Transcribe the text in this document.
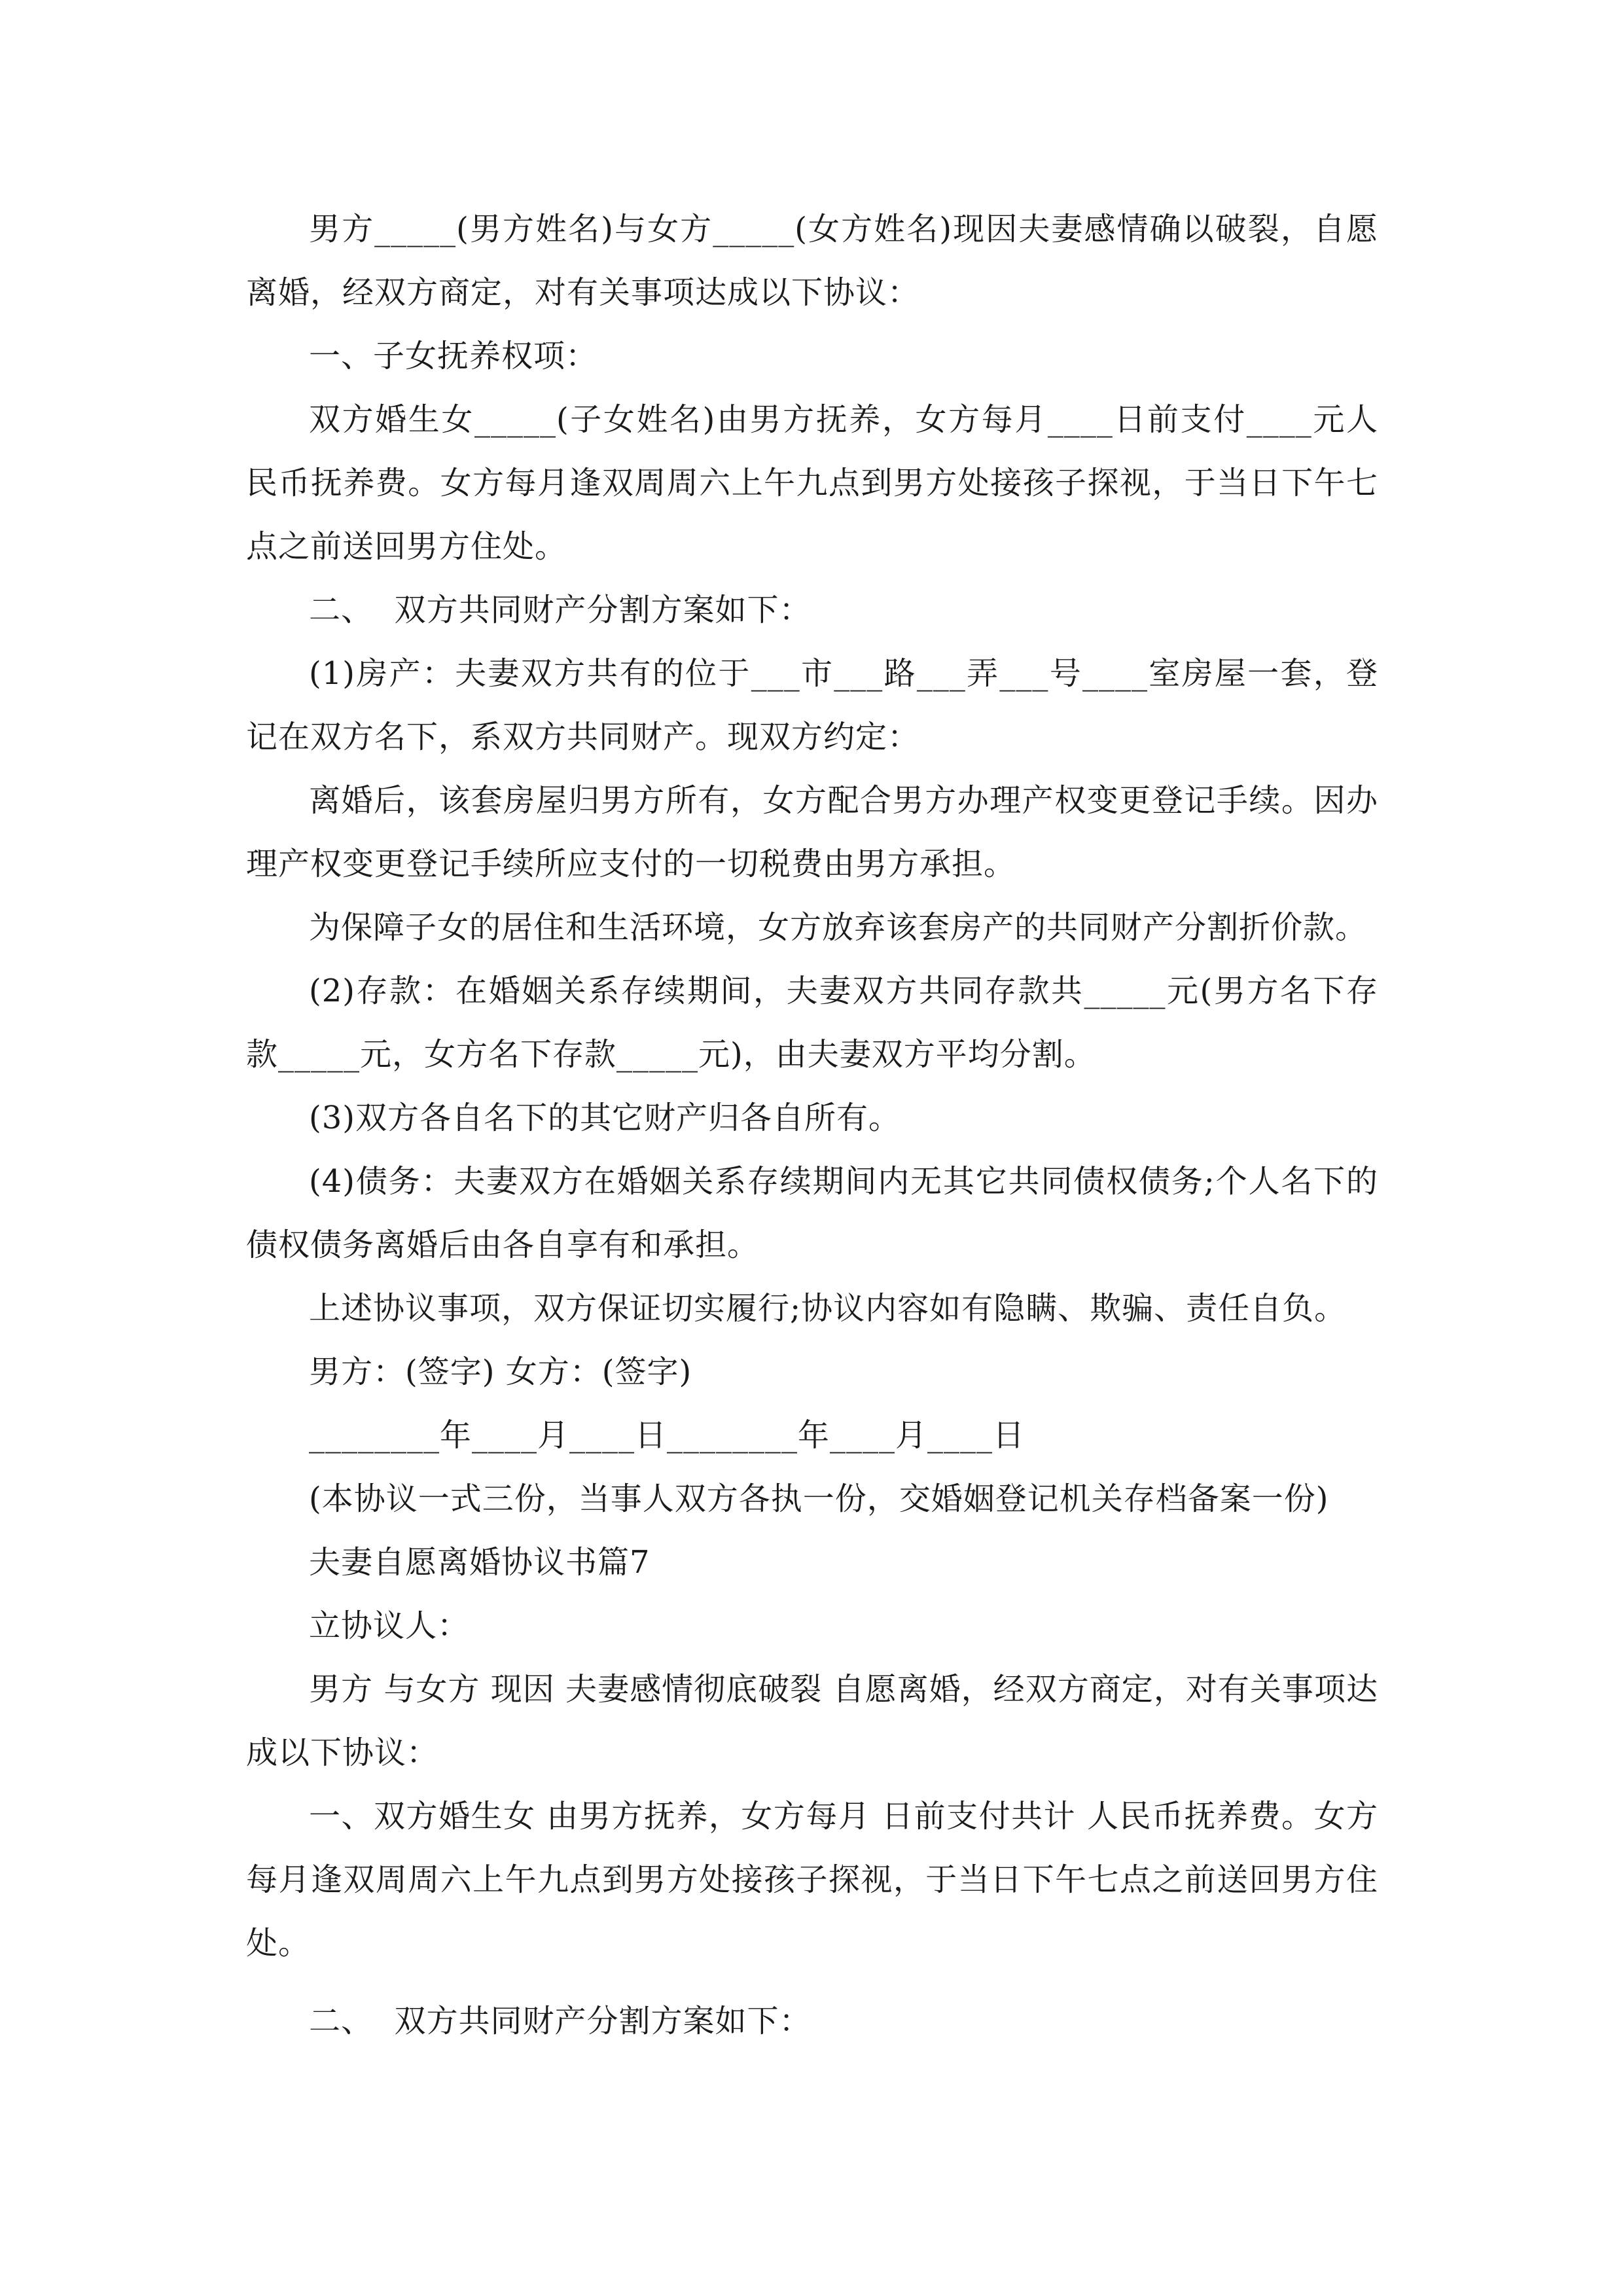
男方_____(男方姓名)与女方_____(女方姓名)现因夫妻感情确以破裂，自愿离婚，经双方商定，对有关事项达成以下协议：

一、子女抚养权项：

双方婚生女_____(子女姓名)由男方抚养，女方每月____日前支付____元人民币抚养费。女方每月逢双周周六上午九点到男方处接孩子探视，于当日下午七点之前送回男方住处。

二、  双方共同财产分割方案如下：

(1)房产：夫妻双方共有的位于___市___路___弄___号____室房屋一套，登记在双方名下，系双方共同财产。现双方约定：

离婚后，该套房屋归男方所有，女方配合男方办理产权变更登记手续。因办理产权变更登记手续所应支付的一切税费由男方承担。

为保障子女的居住和生活环境，女方放弃该套房产的共同财产分割折价款。

(2)存款：在婚姻关系存续期间，夫妻双方共同存款共_____元(男方名下存款_____元，女方名下存款_____元)，由夫妻双方平均分割。

(3)双方各自名下的其它财产归各自所有。

(4)债务：夫妻双方在婚姻关系存续期间内无其它共同债权债务;个人名下的债权债务离婚后由各自享有和承担。

上述协议事项，双方保证切实履行;协议内容如有隐瞒、欺骗、责任自负。

男方：(签字) 女方：(签字)

________年____月____日________年____月____日

(本协议一式三份，当事人双方各执一份，交婚姻登记机关存档备案一份)

夫妻自愿离婚协议书篇7

立协议人：

男方 与女方 现因 夫妻感情彻底破裂 自愿离婚，经双方商定，对有关事项达成以下协议：

一、双方婚生女 由男方抚养，女方每月 日前支付共计 人民币抚养费。女方每月逢双周周六上午九点到男方处接孩子探视，于当日下午七点之前送回男方住处。

二、  双方共同财产分割方案如下：
